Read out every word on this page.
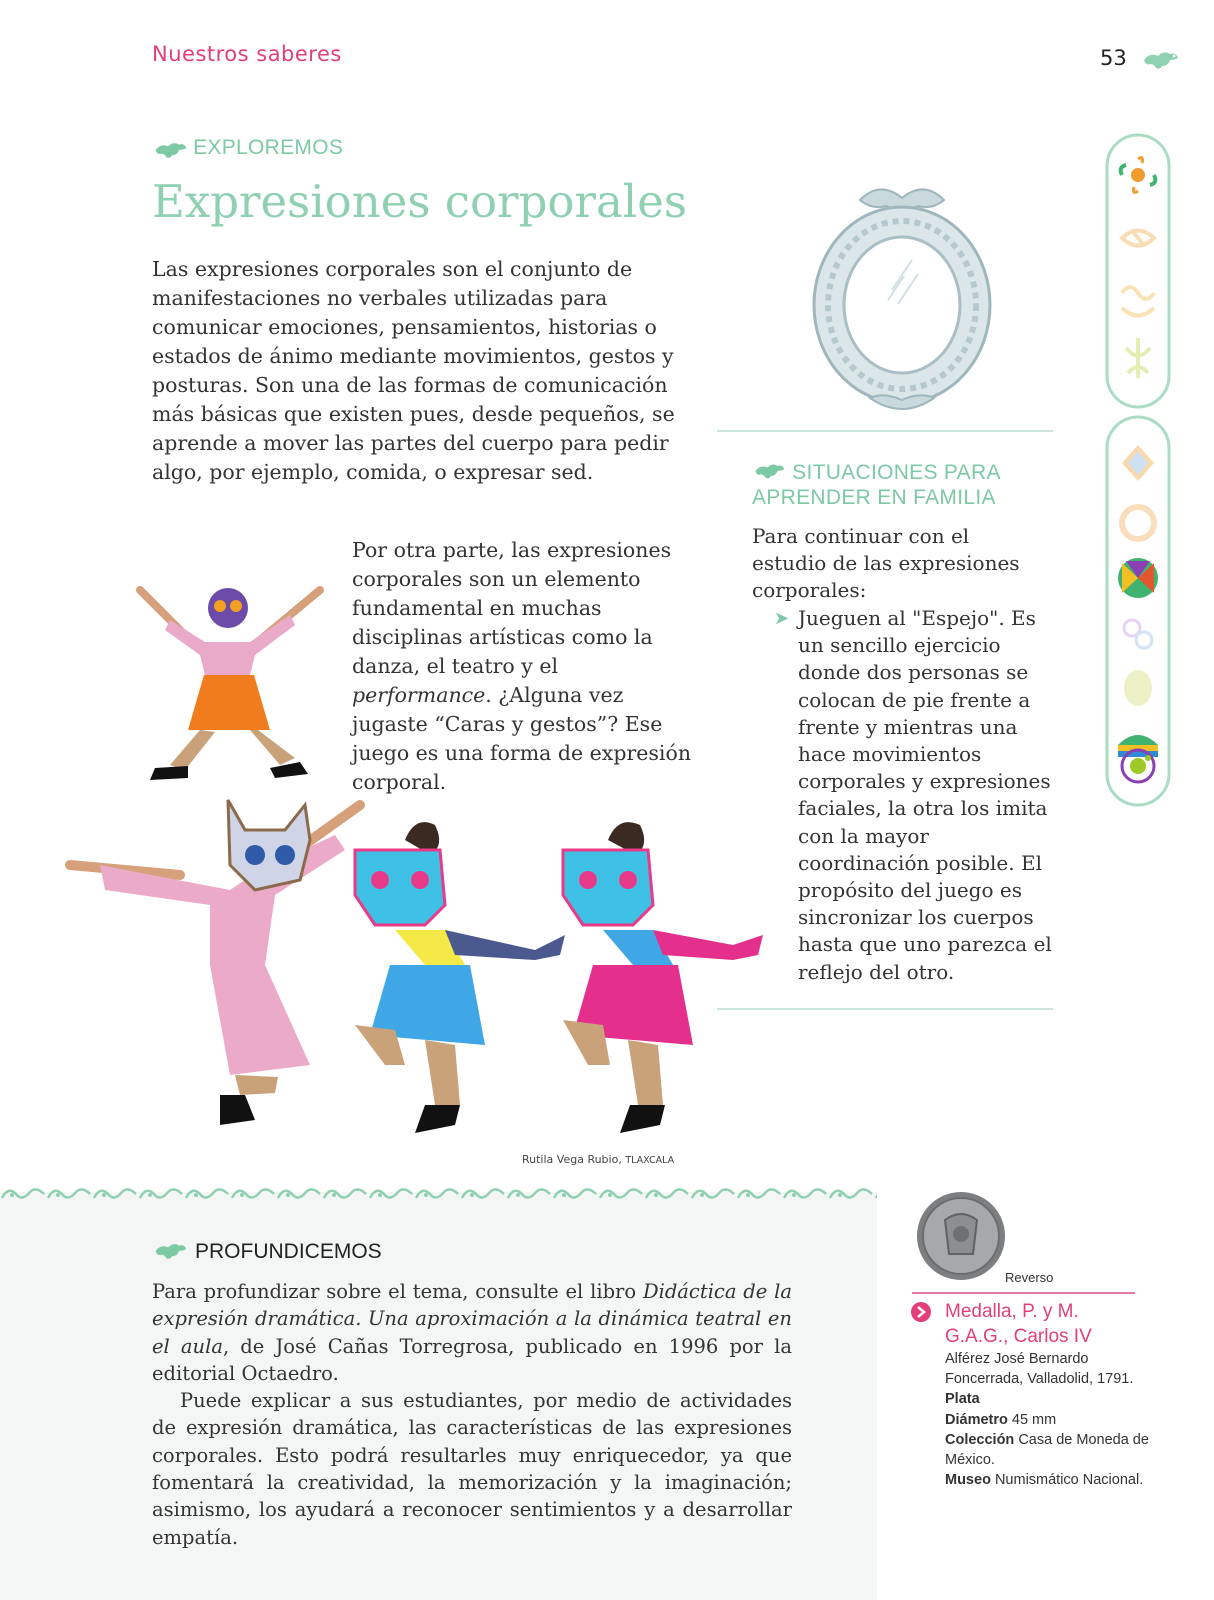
Nuestros saberes	53
EXPLOREMOS
Expresiones corporales

Las expresiones corporales son el conjunto de manifestaciones no verbales utilizadas para comunicar emociones, pensamientos, historias o estados de ánimo mediante movimientos, gestos y posturas. Son una de las formas de comunicación más básicas que existen pues, desde pequeños, se aprende a mover las partes del cuerpo para pedir algo, por ejemplo, comida, o expresar sed.

Por otra parte, las expresiones corporales son un elemento fundamental en muchas disciplinas artísticas como la danza, el teatro y el performance. ¿Alguna vez jugaste “Caras y gestos”? Ese juego es una forma de expresión corporal.

SITUACIONES PARA
APRENDER EN FAMILIA

Para continuar con el estudio de las expresiones corporales:

➤ Jueguen al "Espejo". Es un sencillo ejercicio donde dos personas se colocan de pie frente a frente y mientras una hace movimientos corporales y expresiones faciales, la otra los imita con la mayor coordinación posible. El propósito del juego es sincronizar los cuerpos hasta que uno parezca el reflejo del otro.
Rutila Vega Rubio, TLAXCALA
PROFUNDICEMOS

Para profundizar sobre el tema, consulte el libro Didáctica de la expresión dramática. Una aproximación a la dinámica teatral en el aula, de José Cañas Torregrosa, publicado en 1996 por la editorial Octaedro.

Puede explicar a sus estudiantes, por medio de actividades de expresión dramática, las características de las expresiones corporales. Esto podrá resultarles muy enriquecedor, ya que fomentará la creatividad, la memorización y la imaginación; asimismo, los ayudará a reconocer sentimientos y a desarrollar empatía.

Reverso
Medalla, P. y M. G.A.G., Carlos IV
Alférez José Bernardo Foncerrada, Valladolid, 1791.
Plata
Diámetro 45 mm
Colección Casa de Moneda de México.
Museo Numismático Nacional.
